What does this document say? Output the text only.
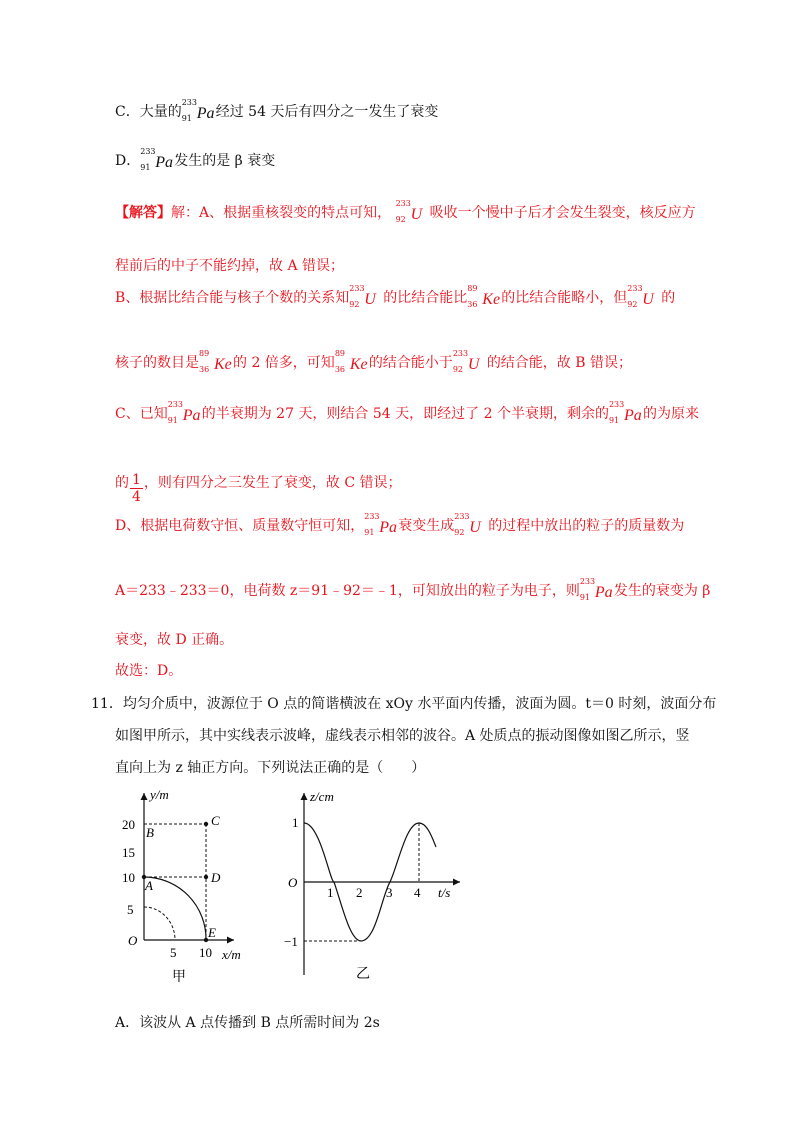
C．大量的
233
91 Pa 经过 54 天后有四分之一发生了衰变
D．
233
91 Pa 发生的是 β 衰变
【解答】解：A、根据重核裂变的特点可知，
233
92 U 吸收一个慢中子后才会发生裂变，核反应方
程前后的中子不能约掉，故 A 错误；
B、根据比结合能与核子个数的关系知
233
92 U 的比结合能比
89
36 Ke 的比结合能略小，但
233
92 U 的
核子的数目是
89
36 Ke 的 2 倍多，可知
89
36 Ke 的结合能小于
233
92 U 的结合能，故 B 错误；
C、已知
233
91 Pa 的半衰期为 27 天，则结合 54 天，即经过了 2 个半衰期，剩余的
233
91 Pa 的为原来
的 $\frac{1}{4}$ ，则有四分之三发生了衰变，故 C 错误；
D、根据电荷数守恒、质量数守恒可知，
233
91 Pa 衰变生成
233
92 U 的过程中放出的粒子的质量数为
A＝233﹣233＝0，电荷数 z＝91﹣92＝﹣1，可知放出的粒子为电子，则
233
91 Pa 发生的衰变为 β
衰变，故 D 正确。
故选：D。
11．均匀介质中，波源位于 O 点的简谐横波在 xOy 水平面内传播，波面为圆。t＝0 时刻，波面分布
如图甲所示，其中实线表示波峰，虚线表示相邻的波谷。A 处质点的振动图像如图乙所示，竖
直向上为 z 轴正方向。下列说法正确的是（　　）
y/m
20
15
10
5
O
5 10 x/m
B
C
D
A
E
甲
z/cm
1
−1
O
1 2 3 4 t/s
乙
A．该波从 A 点传播到 B 点所需时间为 2s
